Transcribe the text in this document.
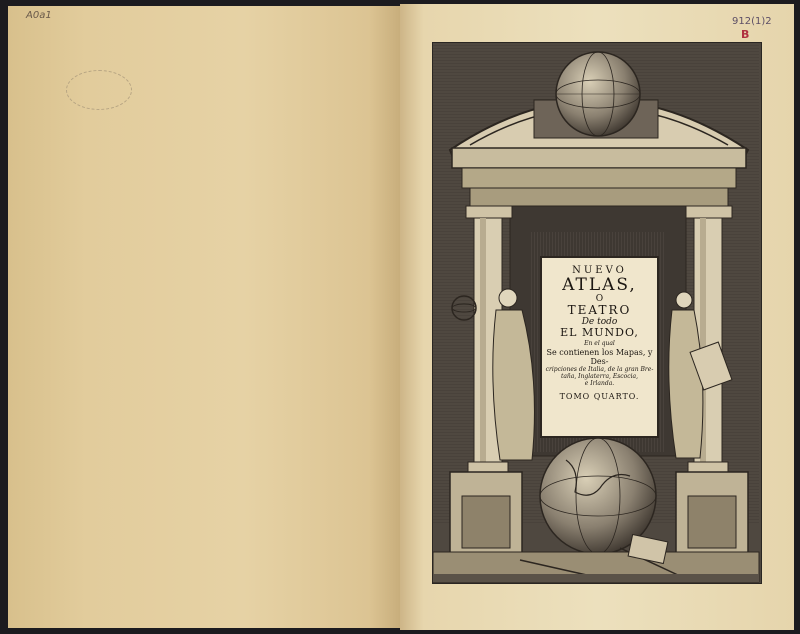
A0a1
912(1)2
B
NUEVO
ATLAS,
O
TEATRO
De todo
EL MUNDO,
En el qual
Se contienen los Mapas, y Des-
cripciones de Italia, de la gran Bre-
taña, Inglaterra, Escocia,
e Irlanda.
TOMO QUARTO.
